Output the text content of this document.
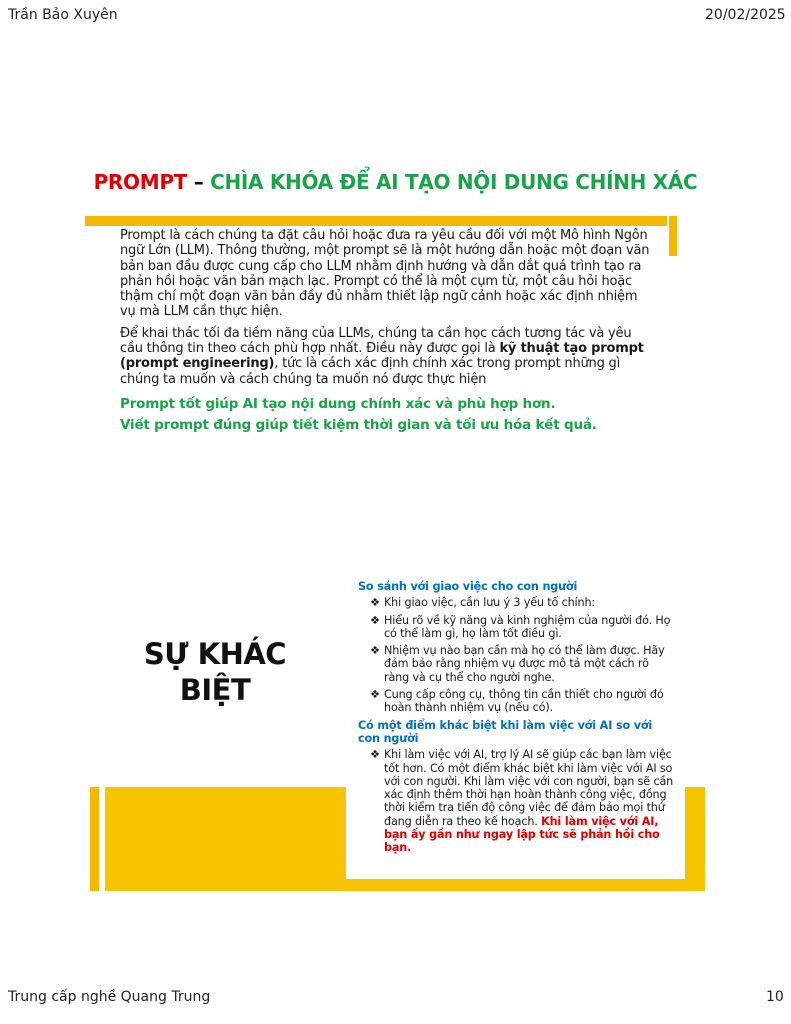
Trần Bảo Xuyên	20/02/2025
PROMPT – CHÌA KHÓA ĐỂ AI TẠO NỘI DUNG CHÍNH XÁC

Prompt là cách chúng ta đặt câu hỏi hoặc đưa ra yêu cầu đối với một Mô hình Ngôn ngữ Lớn (LLM). Thông thường, một prompt sẽ là một hướng dẫn hoặc một đoạn văn bản ban đầu được cung cấp cho LLM nhằm định hướng và dẫn dắt quá trình tạo ra phản hồi hoặc văn bản mạch lạc. Prompt có thể là một cụm từ, một câu hỏi hoặc thậm chí một đoạn văn bản đầy đủ nhằm thiết lập ngữ cảnh hoặc xác định nhiệm vụ mà LLM cần thực hiện.

Để khai thác tối đa tiềm năng của LLMs, chúng ta cần học cách tương tác và yêu cầu thông tin theo cách phù hợp nhất. Điều này được gọi là kỹ thuật tạo prompt (prompt engineering), tức là cách xác định chính xác trong prompt những gì chúng ta muốn và cách chúng ta muốn nó được thực hiện

Prompt tốt giúp AI tạo nội dung chính xác và phù hợp hơn.

Viết prompt đúng giúp tiết kiệm thời gian và tối ưu hóa kết quả.

SỰ KHÁC BIỆT

So sánh với giao việc cho con người

❖ Khi giao việc, cần lưu ý 3 yếu tố chính:
❖ Hiểu rõ về kỹ năng và kinh nghiệm của người đó. Họ có thể làm gì, họ làm tốt điều gì.
❖ Nhiệm vụ nào bạn cần mà họ có thể làm được. Hãy đảm bảo rằng nhiệm vụ được mô tả một cách rõ ràng và cụ thể cho người nghe.
❖ Cung cấp công cụ, thông tin cần thiết cho người đó hoàn thành nhiệm vụ (nếu có).

Có một điểm khác biệt khi làm việc với AI so với con người

❖ Khi làm việc với AI, trợ lý AI sẽ giúp các bạn làm việc tốt hơn. Có một điểm khác biệt khi làm việc với AI so với con người. Khi làm việc với con người, bạn sẽ cần xác định thêm thời hạn hoàn thành công việc, đồng thời kiểm tra tiến độ công việc để đảm bảo mọi thứ đang diễn ra theo kế hoạch. Khi làm việc với AI, bạn ấy gần như ngay lập tức sẽ phản hồi cho bạn.
Trung cấp nghề Quang Trung	10
